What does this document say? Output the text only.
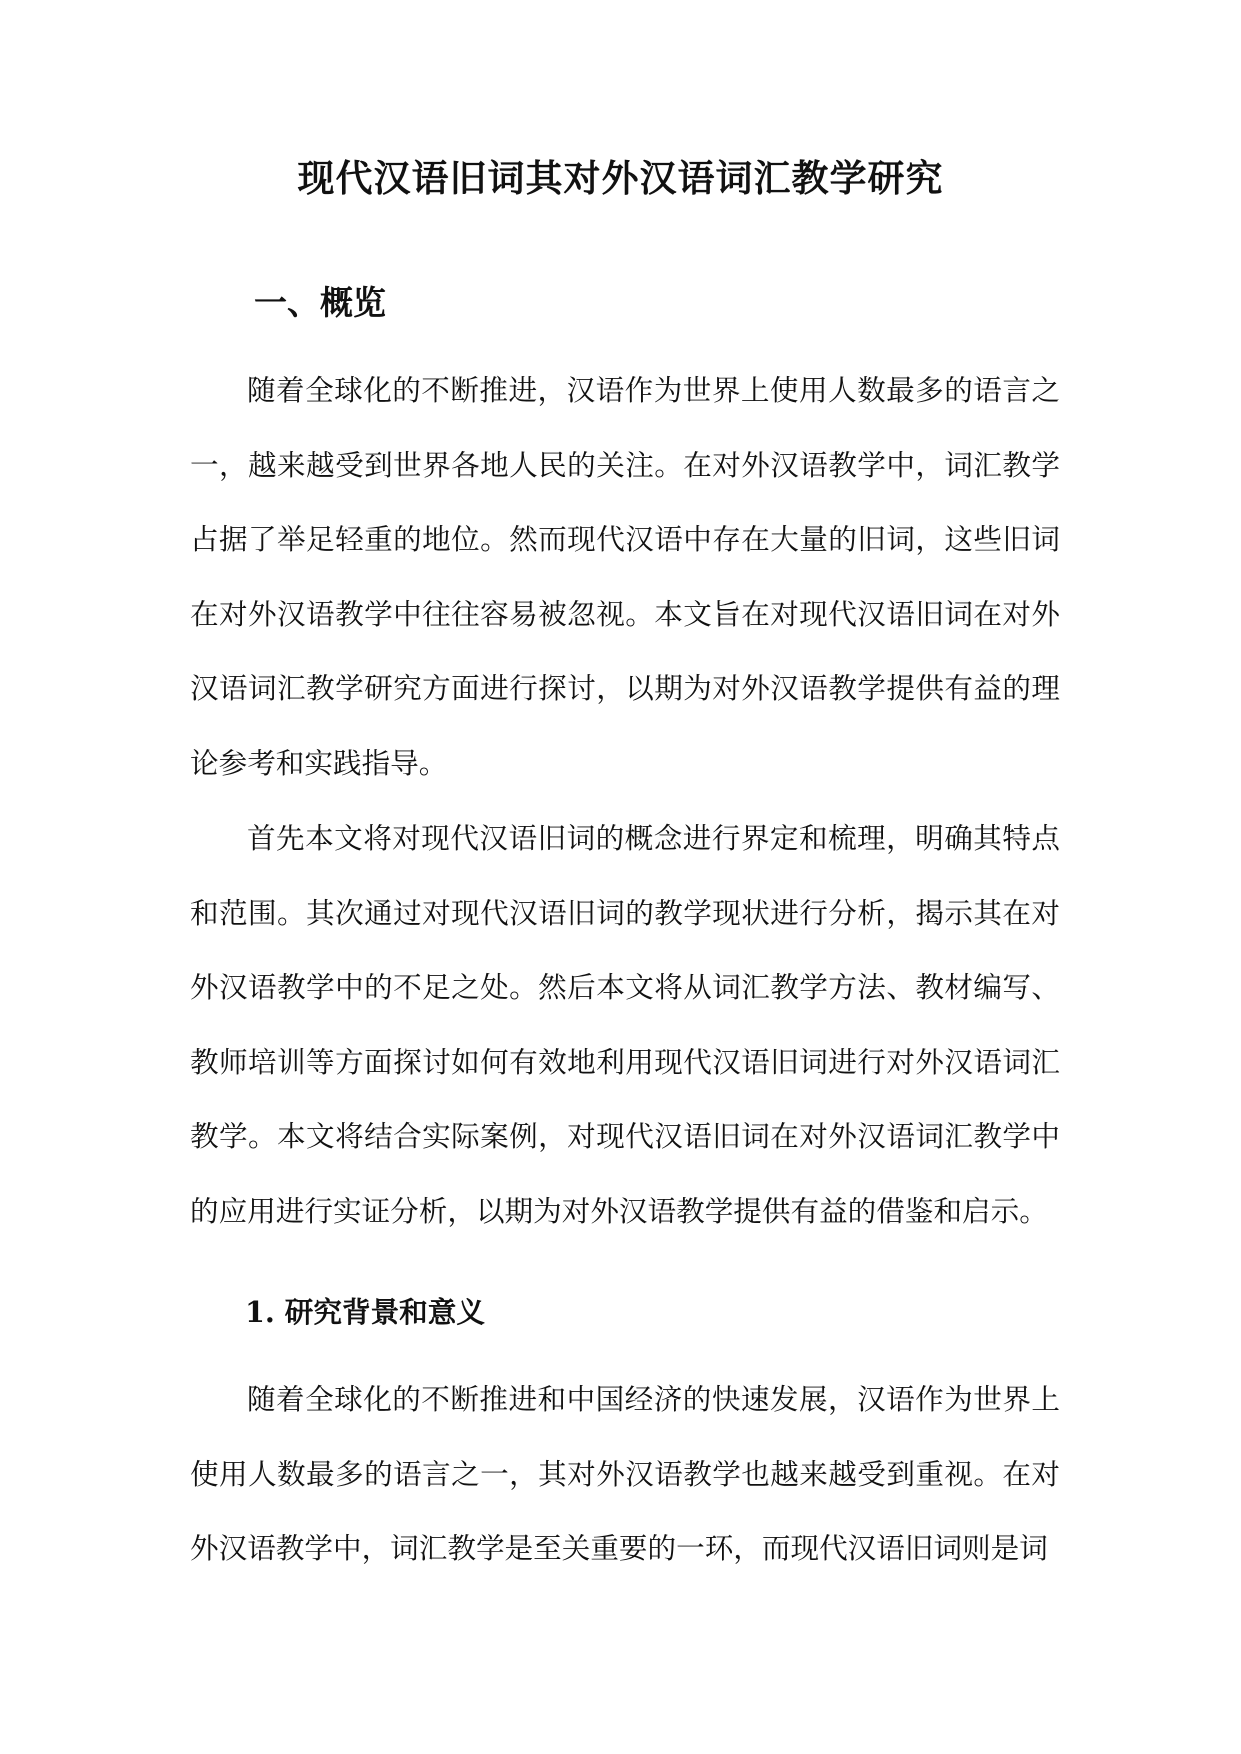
现代汉语旧词其对外汉语词汇教学研究
一、概览

随着全球化的不断推进，汉语作为世界上使用人数最多的语言之一，越来越受到世界各地人民的关注。在对外汉语教学中，词汇教学占据了举足轻重的地位。然而现代汉语中存在大量的旧词，这些旧词在对外汉语教学中往往容易被忽视。本文旨在对现代汉语旧词在对外汉语词汇教学研究方面进行探讨，以期为对外汉语教学提供有益的理论参考和实践指导。

首先本文将对现代汉语旧词的概念进行界定和梳理，明确其特点和范围。其次通过对现代汉语旧词的教学现状进行分析，揭示其在对外汉语教学中的不足之处。然后本文将从词汇教学方法、教材编写、教师培训等方面探讨如何有效地利用现代汉语旧词进行对外汉语词汇教学。本文将结合实际案例，对现代汉语旧词在对外汉语词汇教学中的应用进行实证分析，以期为对外汉语教学提供有益的借鉴和启示。

1. 研究背景和意义

随着全球化的不断推进和中国经济的快速发展，汉语作为世界上使用人数最多的语言之一，其对外汉语教学也越来越受到重视。在对外汉语教学中，词汇教学是至关重要的一环，而现代汉语旧词则是词
